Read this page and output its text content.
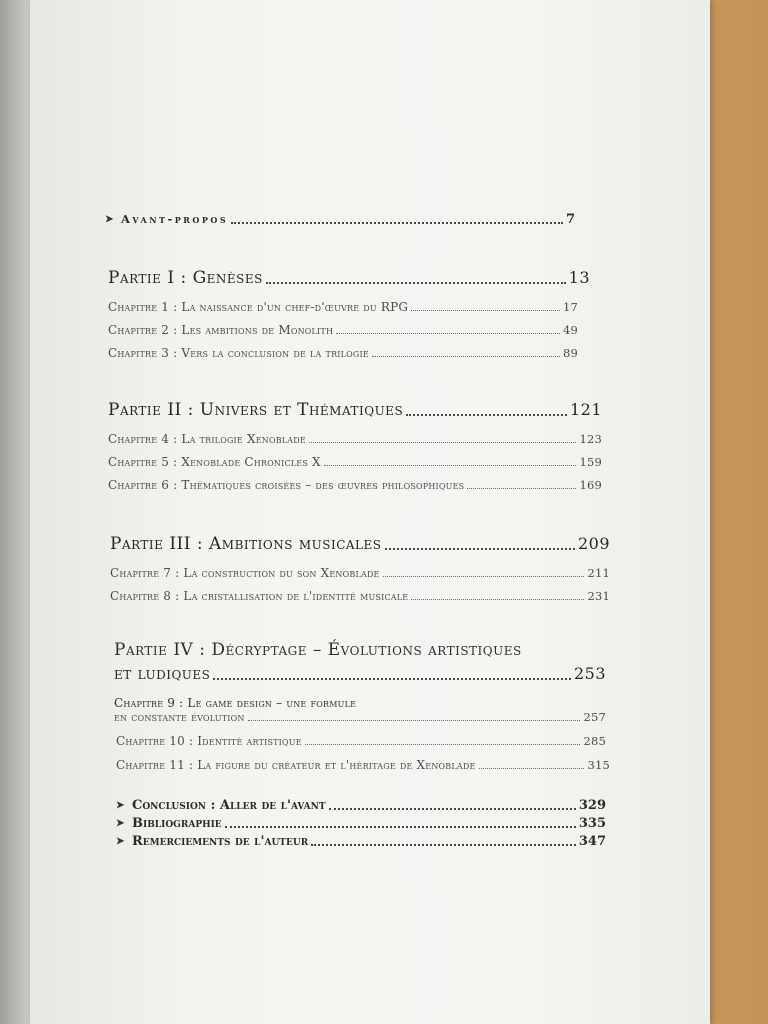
➤ Avant-propos	7
Partie I : Genèses	13
Chapitre 1 : La naissance d'un chef-d'œuvre du RPG	17
Chapitre 2 : Les ambitions de Monolith	49
Chapitre 3 : Vers la conclusion de la trilogie	89
Partie II : Univers et Thématiques	121
Chapitre 4 : La trilogie Xenoblade	123
Chapitre 5 : Xenoblade Chronicles X	159
Chapitre 6 : Thématiques croisées – des œuvres philosophiques	169
Partie III : Ambitions musicales	209
Chapitre 7 : La construction du son Xenoblade	211
Chapitre 8 : La cristallisation de l'identité musicale	231
Partie IV : Décryptage – Évolutions artistiques
et ludiques	253
Chapitre 9 : Le game design – une formule
en constante évolution	257
Chapitre 10 : Identité artistique	285
Chapitre 11 : La figure du créateur et l'héritage de Xenoblade	315
➤ Conclusion : Aller de l'avant	329
➤ Bibliographie	335
➤ Remerciements de l'auteur	347
